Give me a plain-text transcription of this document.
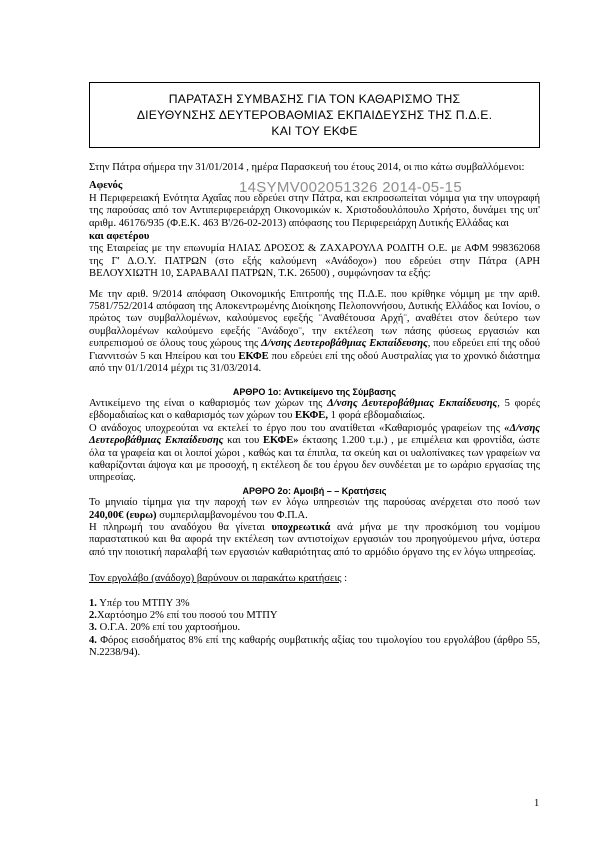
ΠΑΡΑΤΑΣΗ ΣΥΜΒΑΣΗΣ ΓΙΑ ΤΟΝ ΚΑΘΑΡΙΣΜΟ ΤΗΣ
ΔΙΕΥΘΥΝΣΗΣ ΔΕΥΤΕΡΟΒΑΘΜΙΑΣ ΕΚΠΑΙΔΕΥΣΗΣ ΤΗΣ Π.Δ.Ε.
ΚΑΙ ΤΟΥ ΕΚΦΕ
14SYMV002051326 2014-05-15

Στην Πάτρα σήμερα την 31/01/2014 , ημέρα Παρασκευή του έτους 2014, οι πιο κάτω συμβαλλόμενοι:

Αφενός

Η Περιφερειακή Ενότητα Αχαΐας που εδρεύει στην Πάτρα, και εκπροσωπείται νόμιμα για την υπογραφή της παρούσας από τον Αντιπεριφερειάρχη Οικονομικών κ. Χριστοδουλόπουλο Χρήστο, δυνάμει της υπ' αριθμ. 46176/935 (Φ.Ε.Κ. 463 Β'/26-02-2013) απόφασης του Περιφερειάρχη Δυτικής Ελλάδας και

και αφετέρου

της Εταιρείας με την επωνυμία ΗΛΙΑΣ ΔΡΟΣΟΣ & ΖΑΧΑΡΟΥΛΑ ΡΟΔΙΤΗ Ο.Ε. με ΑΦΜ 998362068 της Γ' Δ.Ο.Υ. ΠΑΤΡΩΝ (στο εξής καλούμενη «Ανάδοχο») που εδρεύει στην Πάτρα (ΑΡΗ ΒΕΛΟΥΧΙΩΤΗ 10, ΣΑΡΑΒΑΛΙ ΠΑΤΡΩΝ, Τ.Κ. 26500) , συμφώνησαν τα εξής:

Με την αριθ. 9/2014 απόφαση Οικονομικής Επιτροπής της Π.Δ.Ε. που κρίθηκε νόμιμη με την αριθ. 7581/752/2014 απόφαση της Αποκεντρωμένης Διοίκησης Πελοποννήσου, Δυτικής Ελλάδος και Ιονίου, ο πρώτος των συμβαλλομένων, καλούμενος εφεξής ¨Αναθέτουσα Αρχή¨, αναθέτει στον δεύτερο των συμβαλλομένων καλούμενο εφεξής ¨Ανάδοχο¨, την εκτέλεση των πάσης φύσεως εργασιών και ευπρεπισμού σε όλους τους χώρους της Δ/νσης Δευτεροβάθμιας Εκπαίδευσης, που εδρεύει επί της οδού Γιαννιτσών 5 και Ηπείρου και του ΕΚΦΕ που εδρεύει επί της οδού Αυστραλίας για το χρονικό διάστημα από την 01/1/2014 μέχρι τις 31/03/2014.

ΑΡΘΡΟ 1ο: Αντικείμενο της Σύμβασης

Αντικείμενο της είναι ο καθαρισμός των χώρων της Δ/νσης Δευτεροβάθμιας Εκπαίδευσης, 5 φορές εβδομαδιαίως και ο καθαρισμός των χώρων του ΕΚΦΕ, 1 φορά εβδομαδιαίως.

Ο ανάδοχος υποχρεούται να εκτελεί το έργο που του ανατίθεται «Καθαρισμός γραφείων της «Δ/νσης Δευτεροβάθμιας Εκπαίδευσης και του ΕΚΦΕ» έκτασης 1.200 τ.μ.) , με επιμέλεια και φροντίδα, ώστε όλα τα γραφεία και οι λοιποί χώροι , καθώς και τα έπιπλα, τα σκεύη και οι υαλοπίνακες των γραφείων να καθαρίζονται άψογα και με προσοχή, η εκτέλεση δε του έργου δεν συνδέεται με το ωράριο εργασίας της υπηρεσίας.

ΑΡΘΡΟ 2ο: Αμοιβή – – Κρατήσεις

Το μηνιαίο τίμημα για την παροχή των εν λόγω υπηρεσιών της παρούσας ανέρχεται στο ποσό των 240,00€ (ευρω) συμπεριλαμβανομένου του Φ.Π.Α.

Η πληρωμή του αναδόχου θα γίνεται υποχρεωτικά ανά μήνα με την προσκόμιση του νομίμου παραστατικού και θα αφορά την εκτέλεση των αντιστοίχων εργασιών του προηγούμενου μήνα, ύστερα από την ποιοτική παραλαβή των εργασιών καθαριότητας από το αρμόδιο όργανο της εν λόγω υπηρεσίας.

Τον εργολάβο (ανάδοχο) βαρύνουν οι παρακάτω κρατήσεις :

1. Υπέρ του ΜΤΠΥ 3%

2.Χαρτόσημο 2% επί του ποσού του ΜΤΠΥ

3. Ο.Γ.Α. 20% επί του χαρτοσήμου.

4. Φόρος εισοδήματος 8% επί της καθαρής συμβατικής αξίας του τιμολογίου του εργολάβου (άρθρο 55, Ν.2238/94).

1
